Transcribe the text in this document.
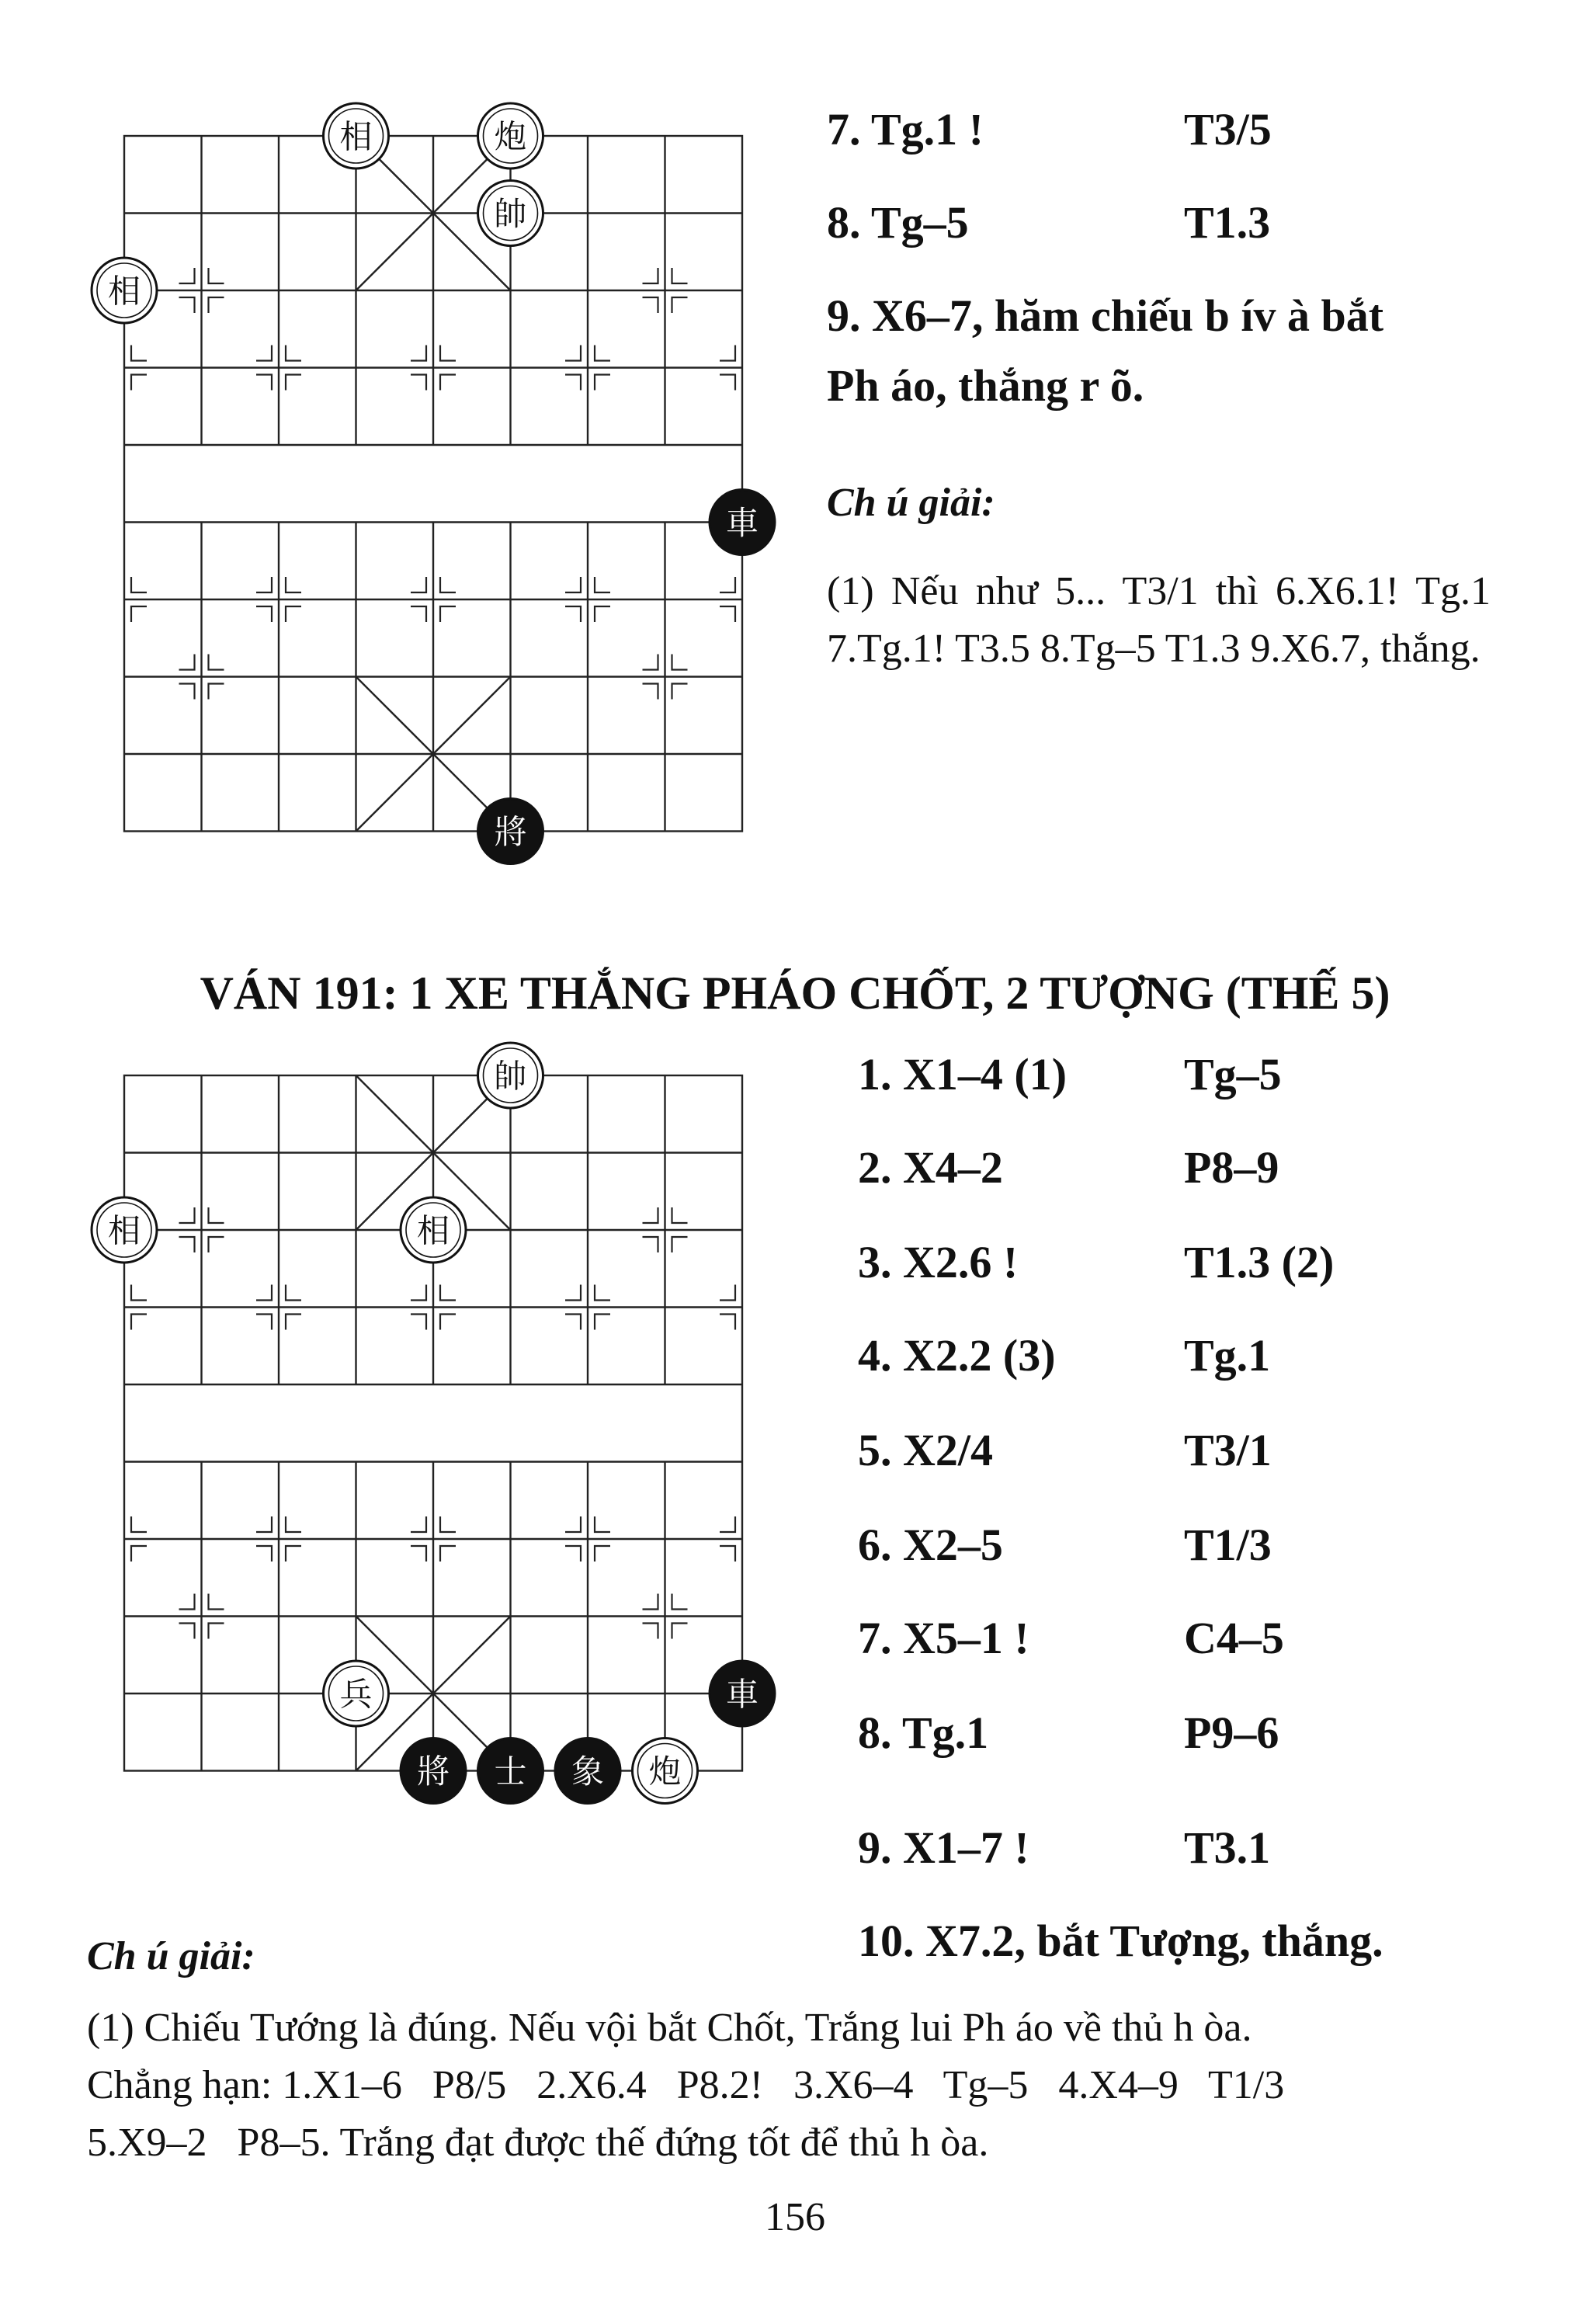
相	炮
帥
相
車
將
帥
相	相
車
兵
將 士 象 炮
7. Tg.1 !	T3/5
8. Tg–5	T1.3
9. X6–7, hăm chiếu b ív à bắt
Ph áo, thắng r õ.
Ch ú giải:
(1) Nếu như 5... T3/1 thì 6.X6.1! Tg.1 7.Tg.1! T3.5 8.Tg–5 T1.3 9.X6.7, thắng.
VÁN 191: 1 XE THẮNG PHÁO CHỐT, 2 TƯỢNG (THẾ 5)
1. X1–4 (1)	Tg–5
2. X4–2	P8–9
3. X2.6 !	T1.3 (2)
4. X2.2 (3)	Tg.1
5. X2/4	T3/1
6. X2–5	T1/3
7. X5–1 !	C4–5
8. Tg.1	P9–6
9. X1–7 !	T3.1
10. X7.2, bắt Tượng, thắng.
Ch ú giải:
(1) Chiếu Tướng là đúng. Nếu vội bắt Chốt, Trắng lui Ph áo về thủ h òa.
Chẳng hạn: 1.X1–6   P8/5   2.X6.4   P8.2!   3.X6–4   Tg–5   4.X4–9   T1/3
5.X9–2   P8–5. Trắng đạt được thế đứng tốt để thủ h òa.
156
